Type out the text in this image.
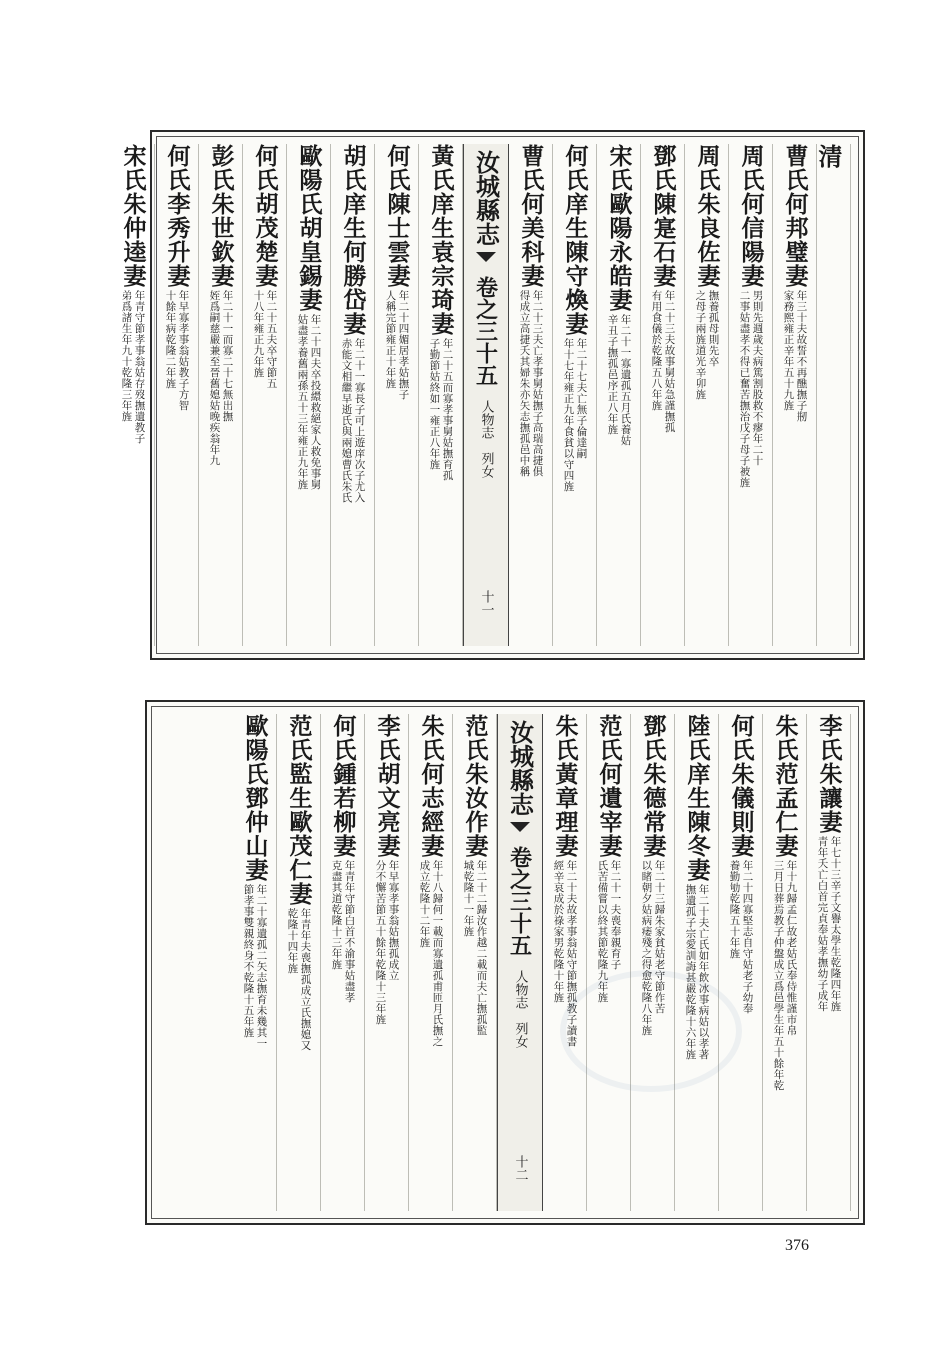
清
曹氏何邦璧妻
年三十夫故誓不再醮撫子剏
家務熙雍正辛年五十九旌
周氏何信陽妻
男則先週歲夫病篤割股救不瘳年二十
二事姑盡孝不得已奮苦撫治戊子母子被旌
周氏朱良佐妻
撫養孤母則先卒
之母子兩旌道光辛卯旌
鄧氏陳寔石妻
年二十三夫故事舅姑急謹撫孤
有用食儀於乾隆五八年旌
宋氏歐陽永皓妻
年二十一寡遺孤五月氏養姑
辛丑子撫孤邑序正八年旌
何氏庠生陳守煥妻
年二十七夫亡無子倫達嗣
年十七年雍正九年食貧以守四旌
曹氏何美科妻
年二十三夫亡孝事舅姑撫子高瑞高捷俱
得成立高捷夭其婦朱亦矢志撫孤邑中稱
汝城縣志
卷之三十五
人物志　列女
十一
黃氏庠生袁宗琦妻
年二十五而寡孝事舅姑撫育孤
子勤節姑終如一雍正八年旌
何氏陳士雲妻
年二十四媚居孝姑撫子
人稱完節雍正十年旌
胡氏庠生何勝岱妻
年二十一寡長子可上遊庠次子尤入
赤能文相繼早逝氏與兩媳曹氏朱氏
歐陽氏胡皇錫妻
年二十四夫卒投繯救絕家人救免事舅
姑盡孝養舊兩孫五十三年雍正九年旌
何氏胡茂楚妻
年二十五夫卒守節五
十八年雍正九年旌
彭氏朱世欽妻
年二十一而寡二十七無出撫
姪爲嗣慈嚴兼至晉舊媳姑晚疾翁年九
何氏李秀升妻
年早寡孝事翁姑教子方智
十餘年病乾隆二年旌
宋氏朱仲逵妻
年青守節孝事翁姑存歿撫遺教子
弟爲諸生年九十乾隆三年旌
李氏朱讓妻
年七十三辛子文譽太學生乾隆四年旌
青年夭亡白首完貞奉姑孝撫幼子成年
朱氏范孟仁妻
年十九歸孟仁故老姑氏奉侍惟謹市帛
三月日葬焉教子仲盤成立爲邑學生年五十餘年乾
何氏朱儀則妻
年二十四寡堅志自守姑老子幼奉
養勤劬乾隆五十年旌
陸氏庠生陳冬妻
年二十夫亡氏如年飲冰事病姑以孝著
撫遺孤子宗愛訓誨甚嚴乾隆十六年旌
鄧氏朱德常妻
年二十三歸朱家貧姑老守節作苦
以睹朝夕姑病痿殘之得愈乾隆八年旌
范氏何遺宰妻
年二十一夫喪奉親育子
氏苦備嘗以終其節乾隆九年旌
朱氏黃章理妻
年二十夫故孝事翁姑守節撫孤教子讀書
經辛哀成於祿家男乾隆十年旌
汝城縣志
卷之三十五
人物志　列女
十二
范氏朱汝作妻
年二十二歸汝作越二載而夫亡撫孤監
城乾隆十一年旌
朱氏何志經妻
年十八歸何一載而寡遺孤甫匝月氏撫之
成立乾隆十二年旌
李氏胡文亮妻
年早寡孝事翁姑撫孤成立
分不懈苦節五十餘年乾隆十三年旌
何氏鍾若柳妻
年青年守節白首不渝事姑盡孝
克盡其道乾隆十三年旌
范氏監生歐茂仁妻
年青年夫喪撫孤成立氏撫媳又
乾隆十四年旌
歐陽氏鄧仲山妻
年二十寡遺孤二矢志撫育未幾其一
節孝事雙親終身不乾隆十五年旌
376
